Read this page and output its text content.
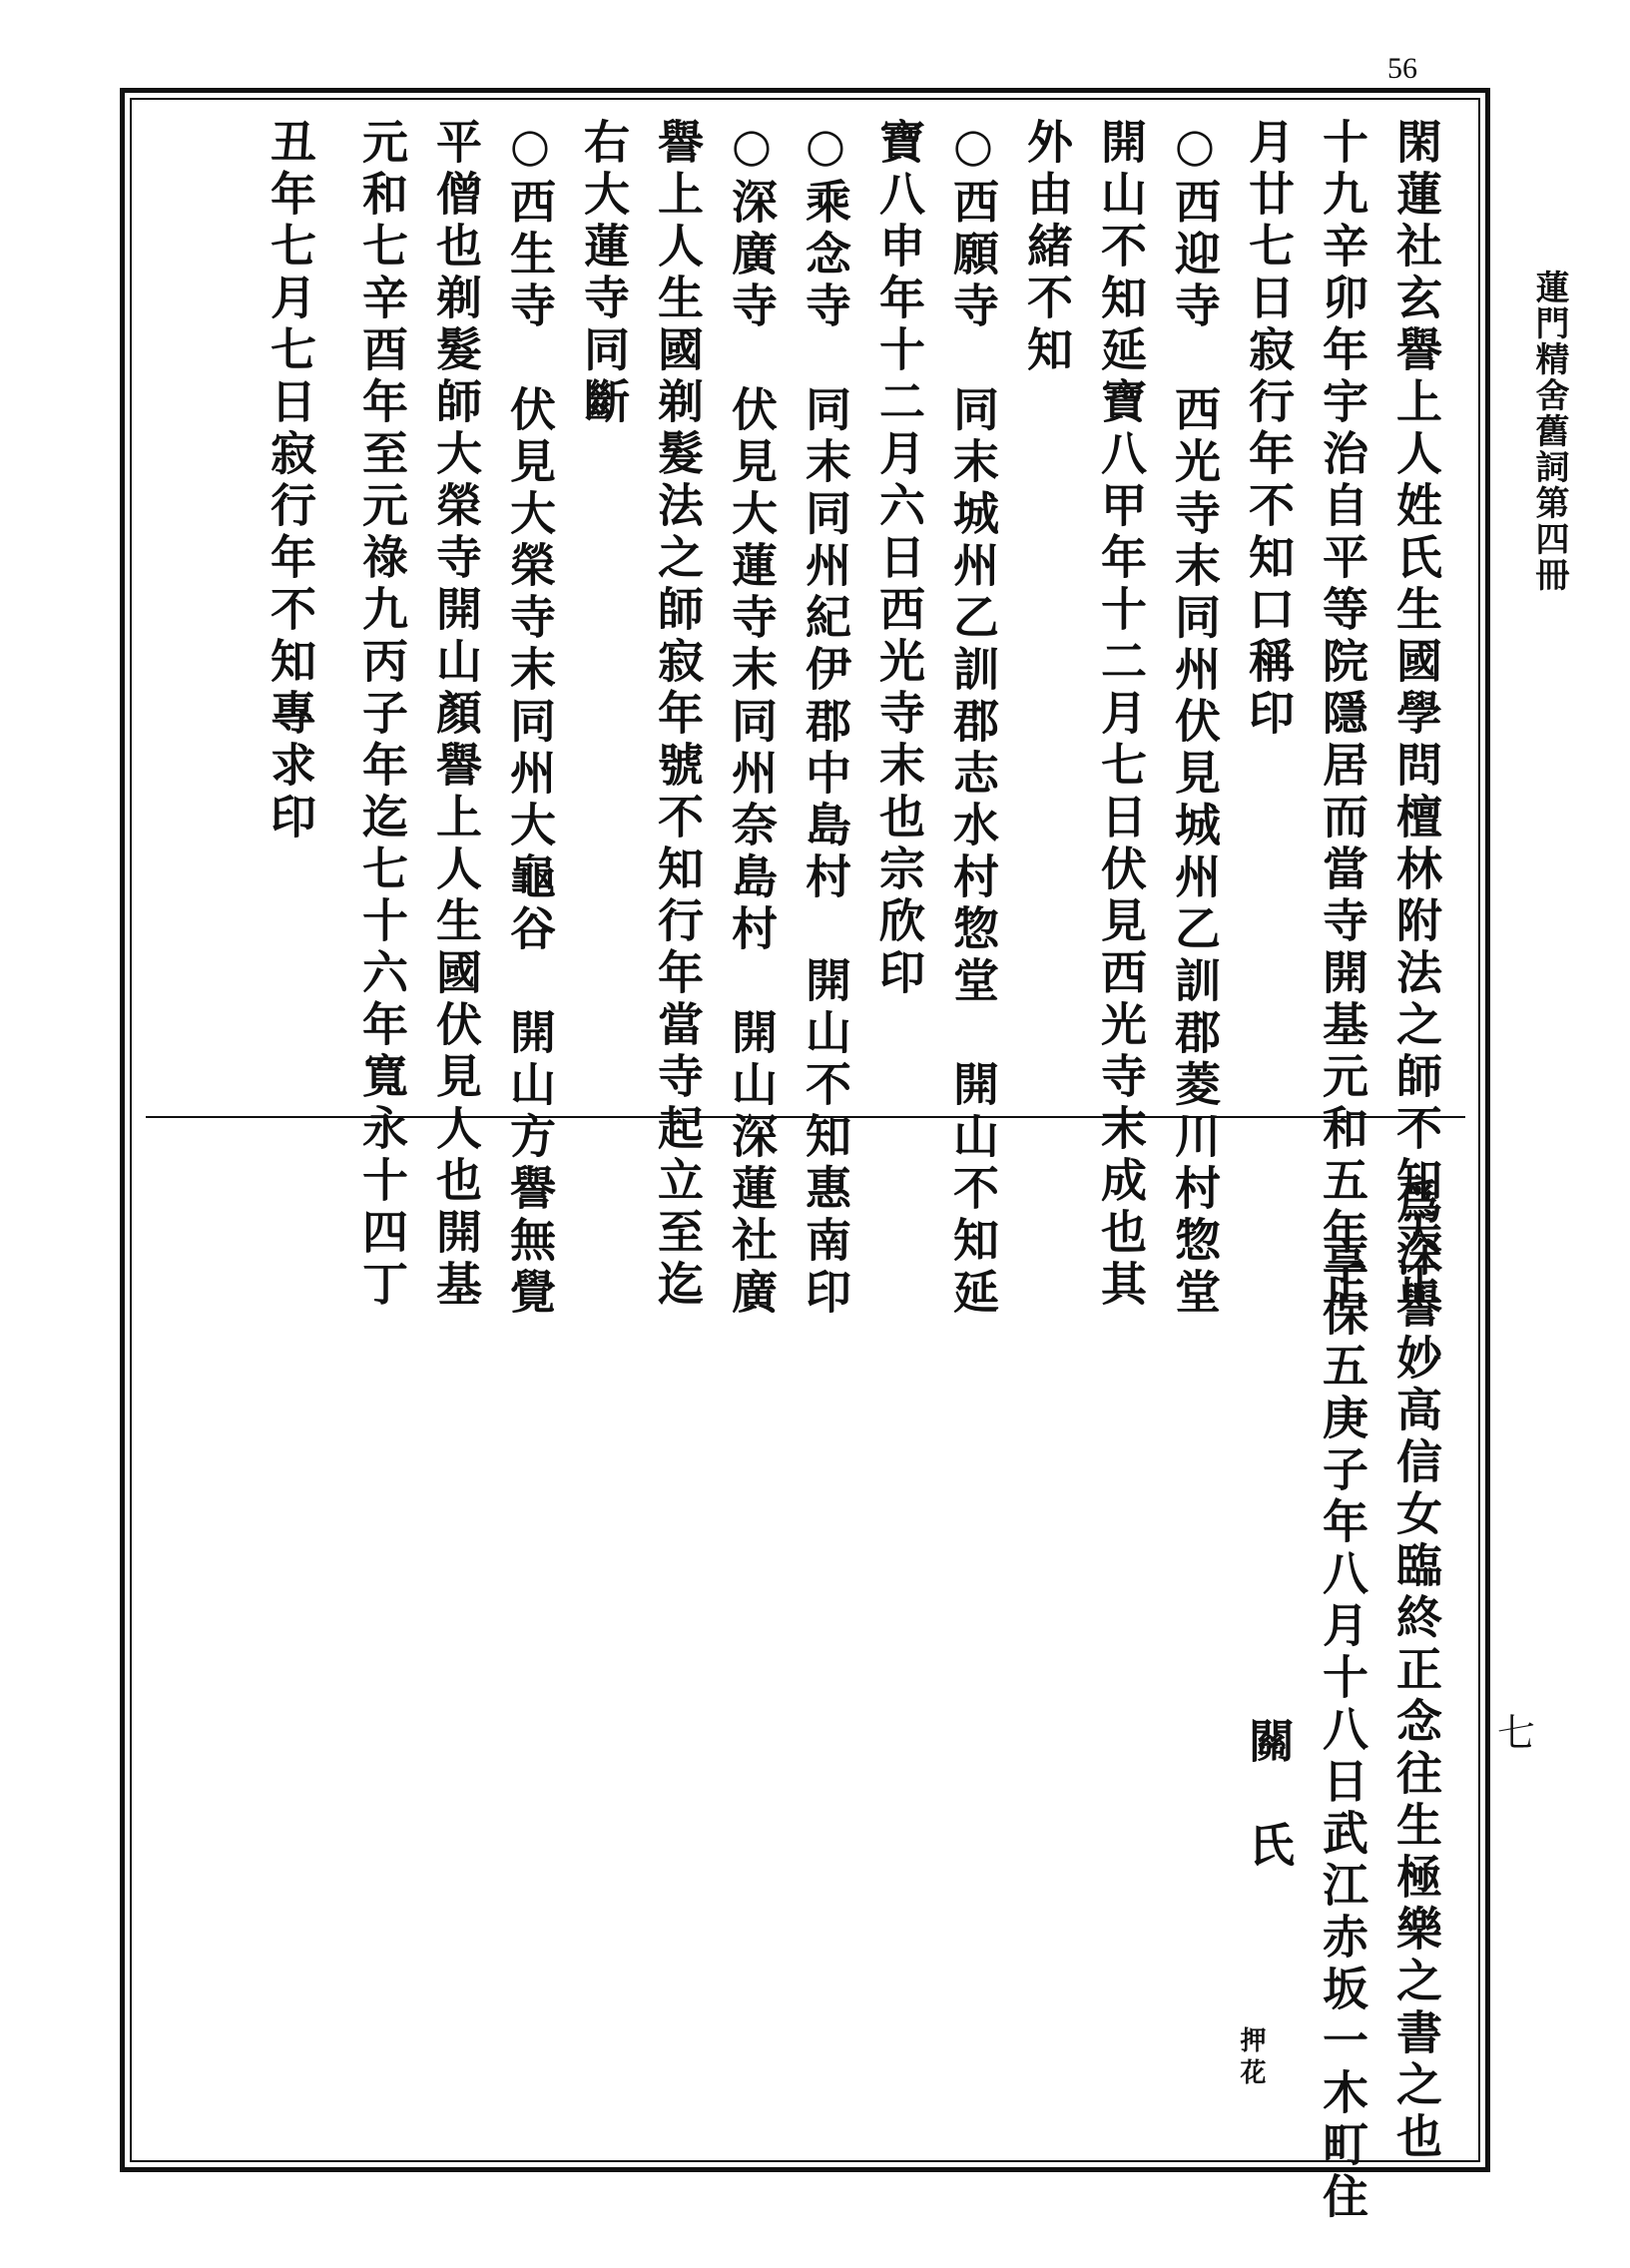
56
蓮門精舍舊詞第四冊
七
閑蓮社玄譽上人姓氏生國學問檀林附法之師不知天正
十九辛卯年宇治自平等院隱居而當寺開基元和五年正
月廿七日寂行年不知口稱印
○西迎寺　西光寺末同州伏見城州乙訓郡菱川村惣堂
開山不知延寶八甲年十二月七日伏見西光寺末成也其
外由緒不知
○西願寺　同末城州乙訓郡志水村惣堂　開山不知延
寶八申年十二月六日西光寺末也宗欣印
○乘念寺　同末同州紀伊郡中島村　開山不知惠南印
○深廣寺　伏見大蓮寺末同州奈島村　開山深蓮社廣
譽上人生國剃髮法之師寂年號不知行年當寺起立至迄
右大蓮寺同斷
○西生寺　伏見大榮寺末同州大龜谷　開山方譽無覺
平僧也剃髮師大榮寺開山顏譽上人生國伏見人也開基
元和七辛酉年至元祿九丙子年迄七十六年寬永十四丁
丑年七月七日寂行年不知專求印
爲深譽妙高信女臨終正念往生極樂之書之也
享保五庚子年八月十八日武江赤坂一木町住
關　氏
押花
